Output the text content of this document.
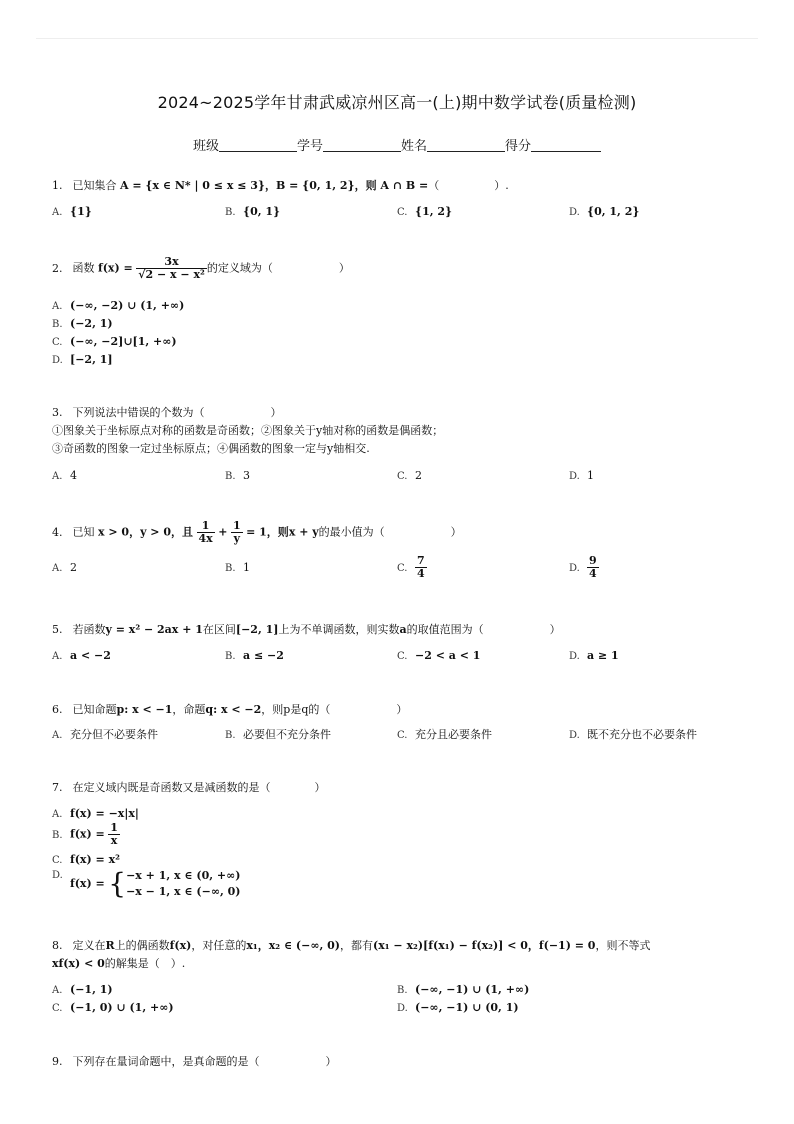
2024~2025学年甘肃武威凉州区高一(上)期中数学试卷(质量检测)
班级	学号	姓名	得分
1. 已知集合 A = {x ∈ N* | 0 ≤ x ≤ 3}，B = {0, 1, 2}，则 A ∩ B =（　　　　　）.
A. {1}	B. {0, 1}	C. {1, 2}	D. {0, 1, 2}
2. 函数 $f(x) = \frac{3x}{\text{√2 − x − x²}}$ 的定义域为（　　　　　　）
A. (−∞, −2) ∪ (1, +∞)
B. (−2, 1)
C. (−∞, −2]∪[1, +∞)
D. [−2, 1]
3. 下列说法中错误的个数为（　　　　　　）
①图象关于坐标原点对称的函数是奇函数；②图象关于y轴对称的函数是偶函数；
③奇函数的图象一定过坐标原点；④偶函数的图象一定与y轴相交.
A. 4	B. 3	C. 2	D. 1
4. 已知 x > 0，y > 0，且 $\frac{1}{4x} + \frac{1}{y} = 1$，则x + y的最小值为（　　　　　　）
A. 2	B. 1	C. $\frac{7}{4}$	D. $\frac{9}{4}$
5. 若函数y = x² − 2ax + 1在区间[−2, 1]上为不单调函数，则实数a的取值范围为（　　　　　　）
A. a < −2	B. a ≤ −2	C. −2 < a < 1	D. a ≥ 1
6. 已知命题p: x < −1，命题q: x < −2，则p是q的（　　　　　　）
A. 充分但不必要条件	B. 必要但不充分条件	C. 充分且必要条件	D. 既不充分也不必要条件
7. 在定义域内既是奇函数又是减函数的是（　　　　）
A. f(x) = −x|x|
B. $f(x) = \frac{1}{x}$
C. f(x) = x²
D.f(x) = { −x + 1, x ∈ (0, +∞)
−x − 1, x ∈ (−∞, 0)
8. 定义在R上的偶函数f(x)，对任意的x₁，x₂ ∈ (−∞, 0)，都有(x₁ − x₂)[f(x₁) − f(x₂)] < 0，f(−1) = 0，则不等式
xf(x) < 0的解集是（　）.
A. (−1, 1)	B. (−∞, −1) ∪ (1, +∞)
C. (−1, 0) ∪ (1, +∞)	D. (−∞, −1) ∪ (0, 1)
9. 下列存在量词命题中，是真命题的是（　　　　　　）
